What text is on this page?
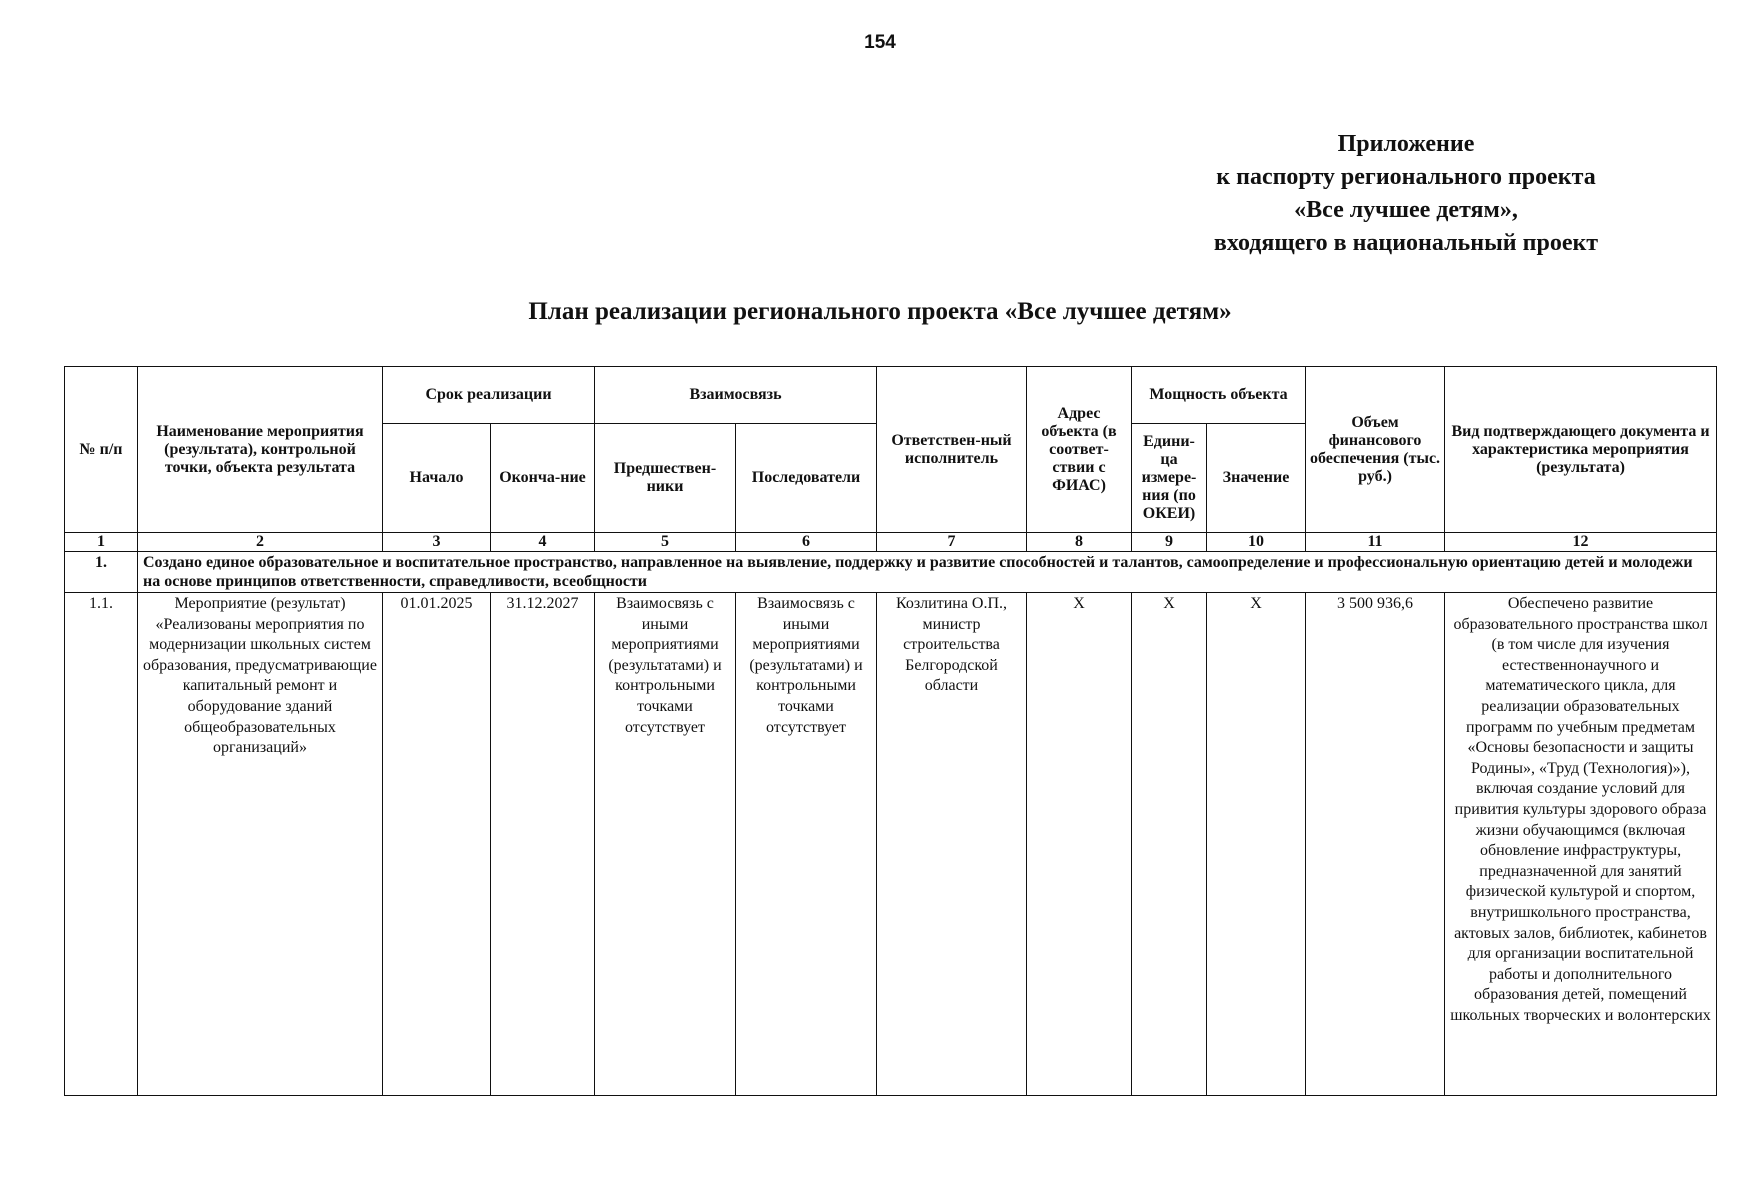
154
Приложение
к паспорту регионального проекта
«Все лучшее детям»,
входящего в национальный проект
План реализации регионального проекта «Все лучшее детям»
№ п/п	Наименование мероприятия (результата), контрольной точки, объекта результата	Срок реализации		Взаимосвязь		Ответствен-ный исполнитель	Адрес объекта (в соответ-ствии с ФИАС)	Мощность объекта		Объем финансового обеспечения (тыс. руб.)	Вид подтверждающего документа и характеристика мероприятия (результата)
		Начало	Оконча-ние	Предшествен-ники	Последователи			Едини-ца измере-ния (по ОКЕИ)	Значение		
1	2	3	4	5	6	7	8	9	10	11	12
1.	Создано единое образовательное и воспитательное пространство, направленное на выявление, поддержку и развитие способностей и талантов, самоопределение и профессиональную ориентацию детей и молодежи на основе принципов ответственности, справедливости, всеобщности										
1.1.	Мероприятие (результат) «Реализованы мероприятия по модернизации школьных систем образования, предусматривающие капитальный ремонт и оборудование зданий общеобразовательных организаций»	01.01.2025	31.12.2027	Взаимосвязь с иными мероприятиями (результатами) и контрольными точками отсутствует	Взаимосвязь с иными мероприятиями (результатами) и контрольными точками отсутствует	Козлитина О.П., министр строительства Белгородской области	X	X	X	3 500 936,6	Обеспечено развитие образовательного пространства школ (в том числе для изучения естественнонаучного и математического цикла, для реализации образовательных программ по учебным предметам «Основы безопасности и защиты Родины», «Труд (Технология)»), включая создание условий для привития культуры здорового образа жизни обучающимся (включая обновление инфраструктуры, предназначенной для занятий физической культурой и спортом, внутришкольного пространства, актовых залов, библиотек, кабинетов для организации воспитательной работы и дополнительного образования детей, помещений школьных творческих и волонтерских
